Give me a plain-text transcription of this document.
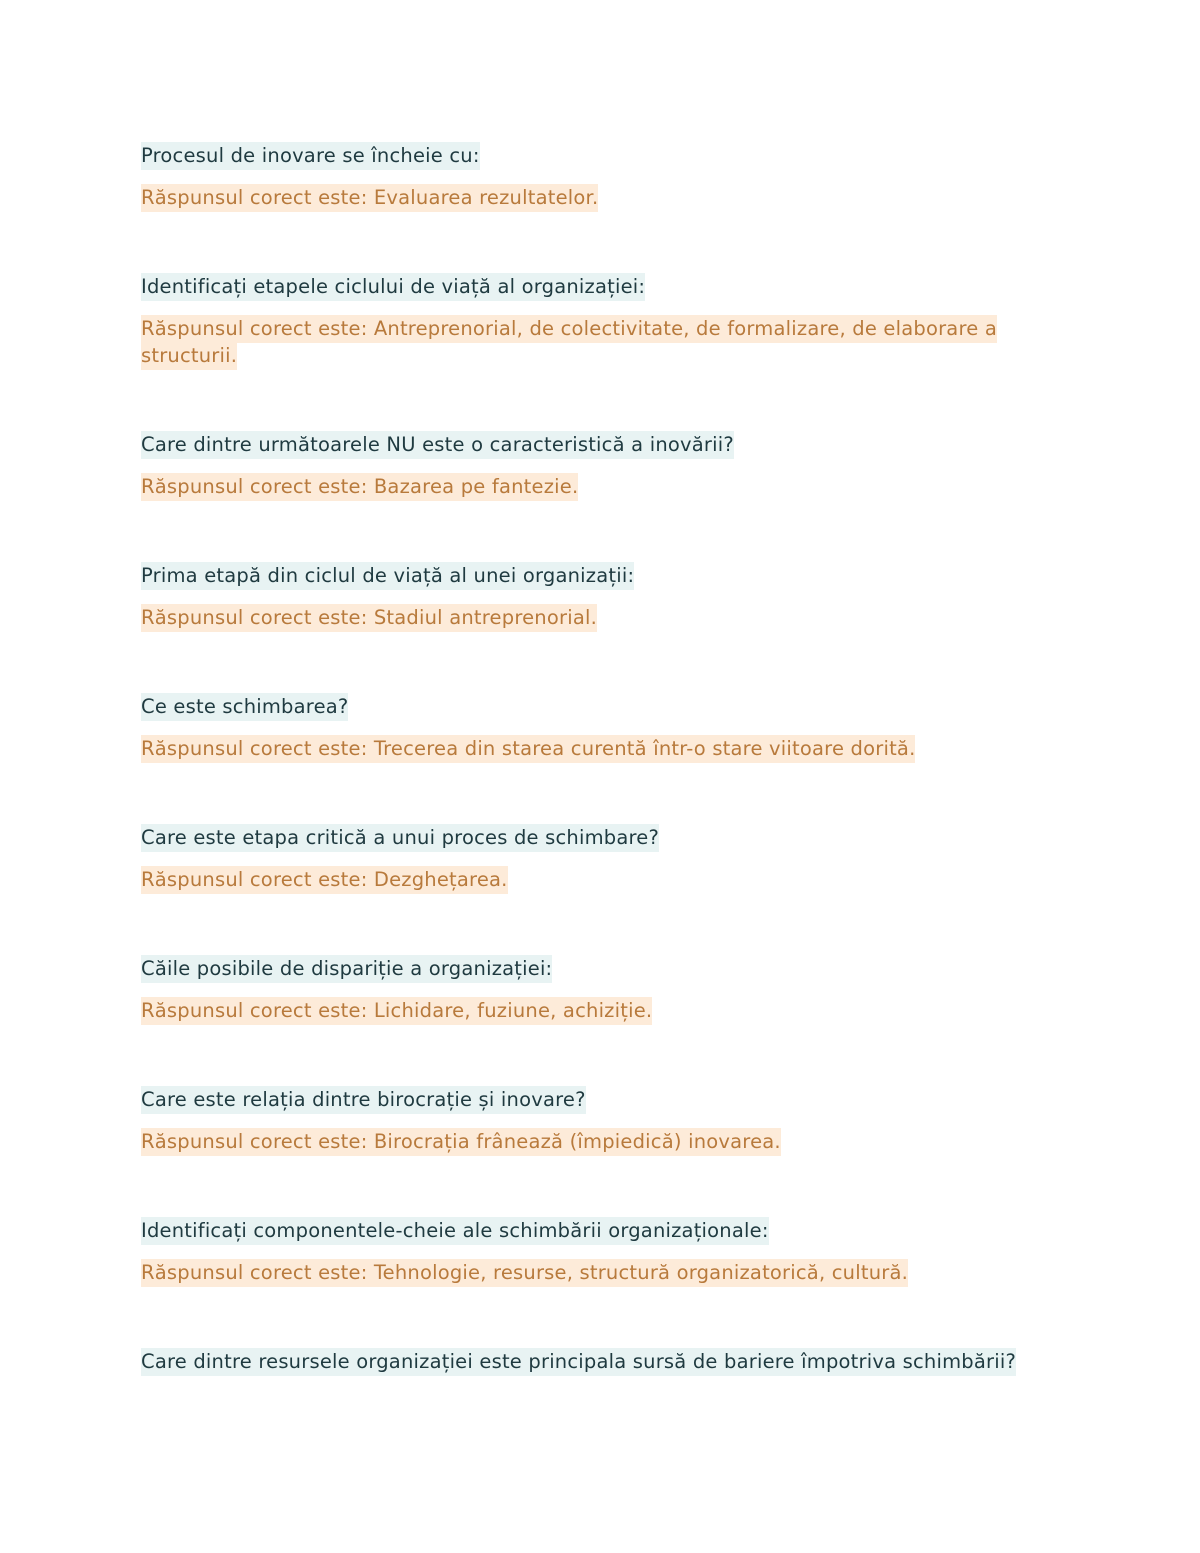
Procesul de inovare se încheie cu:

Răspunsul corect este: Evaluarea rezultatelor.

Identificați etapele ciclului de viață al organizației:

Răspunsul corect este: Antreprenorial, de colectivitate, de formalizare, de elaborare a structurii.

Care dintre următoarele NU este o caracteristică a inovării?

Răspunsul corect este: Bazarea pe fantezie.

Prima etapă din ciclul de viață al unei organizații:

Răspunsul corect este: Stadiul antreprenorial.

Ce este schimbarea?

Răspunsul corect este: Trecerea din starea curentă într-o stare viitoare dorită.

Care este etapa critică a unui proces de schimbare?

Răspunsul corect este: Dezghețarea.

Căile posibile de dispariție a organizației:

Răspunsul corect este: Lichidare, fuziune, achiziție.

Care este relația dintre birocrație și inovare?

Răspunsul corect este: Birocrația frânează (împiedică) inovarea.

Identificați componentele-cheie ale schimbării organizaționale:

Răspunsul corect este: Tehnologie, resurse, structură organizatorică, cultură.

Care dintre resursele organizației este principala sursă de bariere împotriva schimbării?
